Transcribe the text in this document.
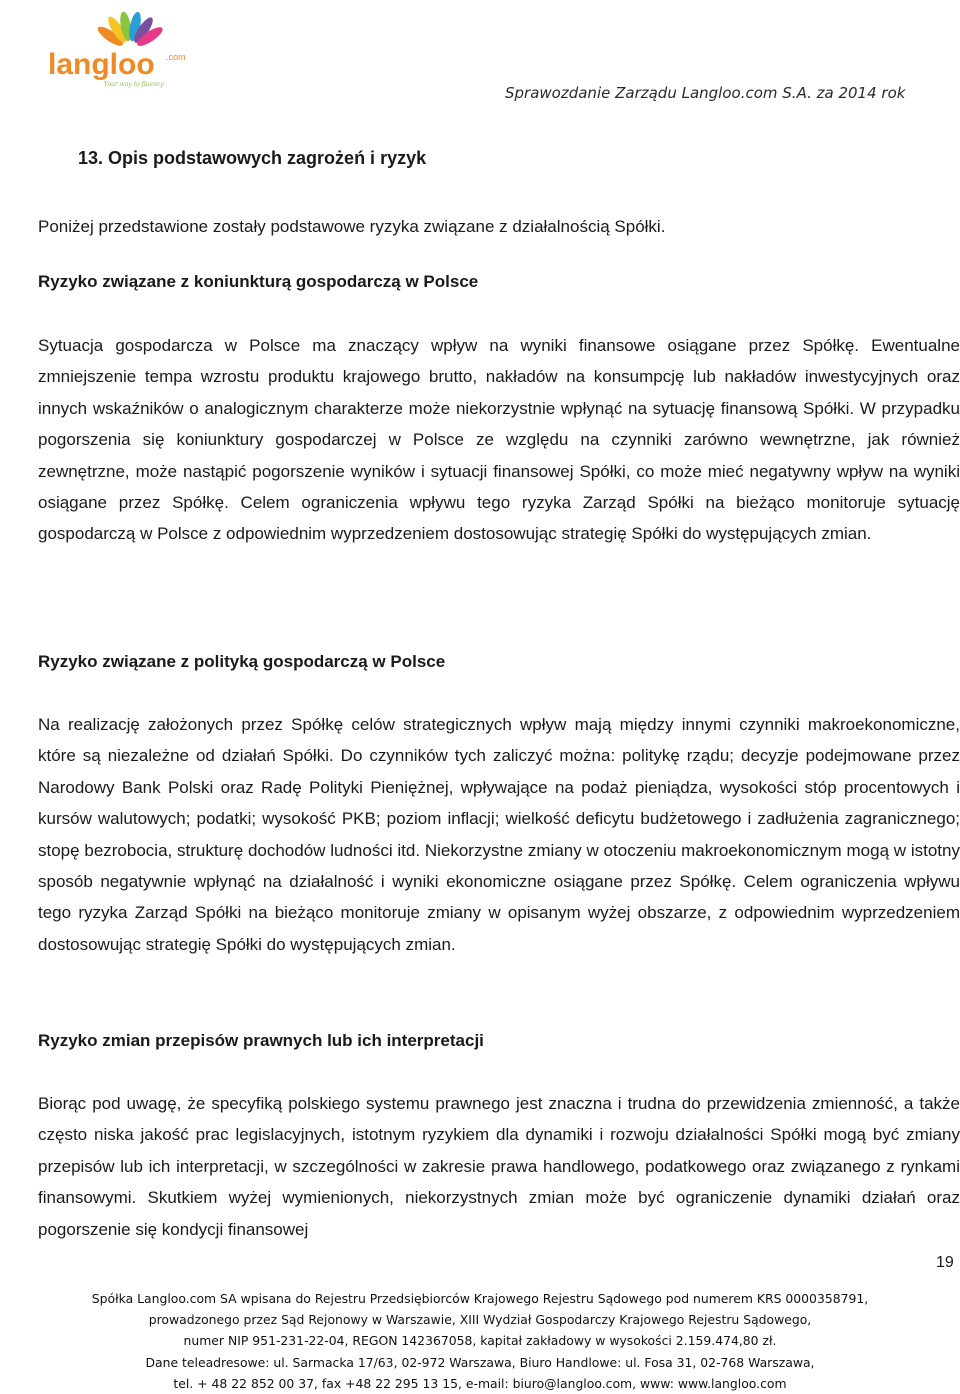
langloo .com
Your way to fluency	Sprawozdanie Zarządu Langloo.com S.A. za 2014 rok
13. Opis podstawowych zagrożeń i ryzyk
Poniżej przedstawione zostały podstawowe ryzyka związane z działalnością Spółki.
Ryzyko związane z koniunkturą gospodarczą w Polsce
Sytuacja gospodarcza w Polsce ma znaczący wpływ na wyniki finansowe osiągane przez Spółkę. Ewentualne zmniejszenie tempa wzrostu produktu krajowego brutto, nakładów na konsumpcję lub nakładów inwestycyjnych oraz innych wskaźników o analogicznym charakterze może niekorzystnie wpłynąć na sytuację finansową Spółki. W przypadku pogorszenia się koniunktury gospodarczej w Polsce ze względu na czynniki zarówno wewnętrzne, jak również zewnętrzne, może nastąpić pogorszenie wyników i sytuacji finansowej Spółki, co może mieć negatywny wpływ na wyniki osiągane przez Spółkę. Celem ograniczenia wpływu tego ryzyka Zarząd Spółki na bieżąco monitoruje sytuację gospodarczą w Polsce z odpowiednim wyprzedzeniem dostosowując strategię Spółki do występujących zmian.
Ryzyko związane z polityką gospodarczą w Polsce
Na realizację założonych przez Spółkę celów strategicznych wpływ mają między innymi czynniki makroekonomiczne, które są niezależne od działań Spółki. Do czynników tych zaliczyć można: politykę rządu; decyzje podejmowane przez Narodowy Bank Polski oraz Radę Polityki Pieniężnej, wpływające na podaż pieniądza, wysokości stóp procentowych i kursów walutowych; podatki; wysokość PKB; poziom inflacji; wielkość deficytu budżetowego i zadłużenia zagranicznego; stopę bezrobocia, strukturę dochodów ludności itd. Niekorzystne zmiany w otoczeniu makroekonomicznym mogą w istotny sposób negatywnie wpłynąć na działalność i wyniki ekonomiczne osiągane przez Spółkę. Celem ograniczenia wpływu tego ryzyka Zarząd Spółki na bieżąco monitoruje zmiany w opisanym wyżej obszarze, z odpowiednim wyprzedzeniem dostosowując strategię Spółki do występujących zmian.
Ryzyko zmian przepisów prawnych lub ich interpretacji
Biorąc pod uwagę, że specyfiką polskiego systemu prawnego jest znaczna i trudna do przewidzenia zmienność, a także często niska jakość prac legislacyjnych, istotnym ryzykiem dla dynamiki i rozwoju działalności Spółki mogą być zmiany przepisów lub ich interpretacji, w szczególności w zakresie prawa handlowego, podatkowego oraz związanego z rynkami finansowymi. Skutkiem wyżej wymienionych, niekorzystnych zmian może być ograniczenie dynamiki działań oraz pogorszenie się kondycji finansowej
19
Spółka Langloo.com SA wpisana do Rejestru Przedsiębiorców Krajowego Rejestru Sądowego pod numerem KRS 0000358791,
prowadzonego przez Sąd Rejonowy w Warszawie, XIII Wydział Gospodarczy Krajowego Rejestru Sądowego,
numer NIP 951-231-22-04, REGON 142367058, kapitał zakładowy w wysokości 2.159.474,80 zł.
Dane teleadresowe: ul. Sarmacka 17/63, 02-972 Warszawa, Biuro Handlowe: ul. Fosa 31, 02-768 Warszawa,
tel. + 48 22 852 00 37, fax +48 22 295 13 15, e-mail: biuro@langloo.com, www: www.langloo.com
